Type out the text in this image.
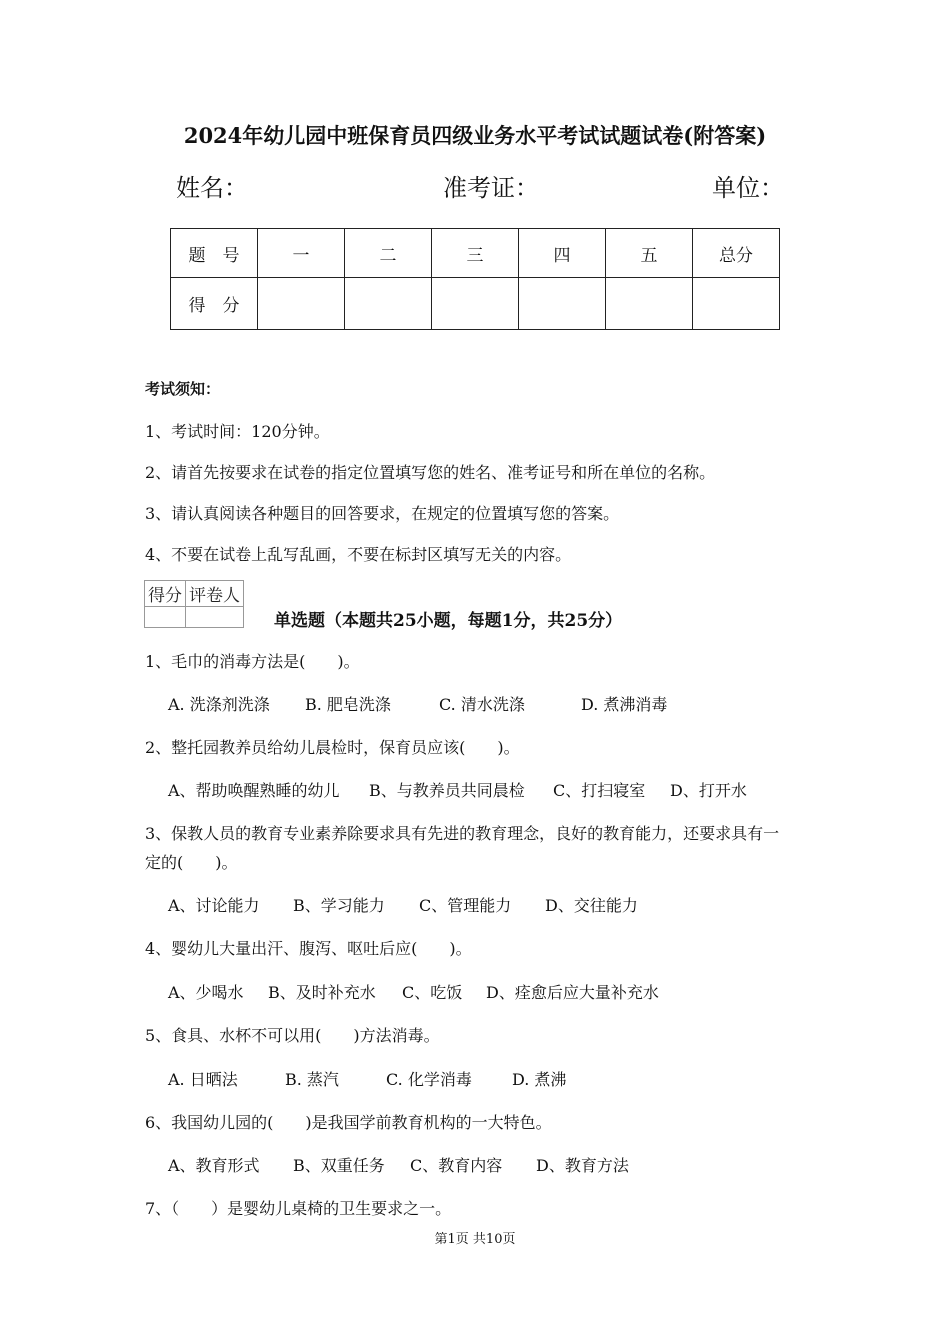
2024年幼儿园中班保育员四级业务水平考试试题试卷(附答案)
姓名：	准考证：	单位：
题　号	一	二	三	四	五	总分
得　分						
考试须知：
1、考试时间：120分钟。
2、请首先按要求在试卷的指定位置填写您的姓名、准考证号和所在单位的名称。
3、请认真阅读各种题目的回答要求，在规定的位置填写您的答案。
4、不要在试卷上乱写乱画，不要在标封区填写无关的内容。
得分	评卷人

单选题（本题共25小题，每题1分，共25分）
1、毛巾的消毒方法是(　　)。
A. 洗涤剂洗涤 B. 肥皂洗涤	C. 清水洗涤	D. 煮沸消毒
2、整托园教养员给幼儿晨检时，保育员应该(　　)。
A、帮助唤醒熟睡的幼儿 B、与教养员共同晨检 C、打扫寝室 D、打开水
3、保教人员的教育专业素养除要求具有先进的教育理念，良好的教育能力，还要求具有一
定的(　　)。
A、讨论能力 B、学习能力 C、管理能力 D、交往能力
4、婴幼儿大量出汗、腹泻、呕吐后应(　　)。
A、少喝水 B、及时补充水 C、吃饭 D、痊愈后应大量补充水
5、食具、水杯不可以用(　　)方法消毒。
A. 日晒法	B. 蒸汽	C. 化学消毒	D. 煮沸
6、我国幼儿园的(　　)是我国学前教育机构的一大特色。
A、教育形式 B、双重任务 C、教育内容 D、教育方法
7、（　　）是婴幼儿桌椅的卫生要求之一。
第1页 共10页
